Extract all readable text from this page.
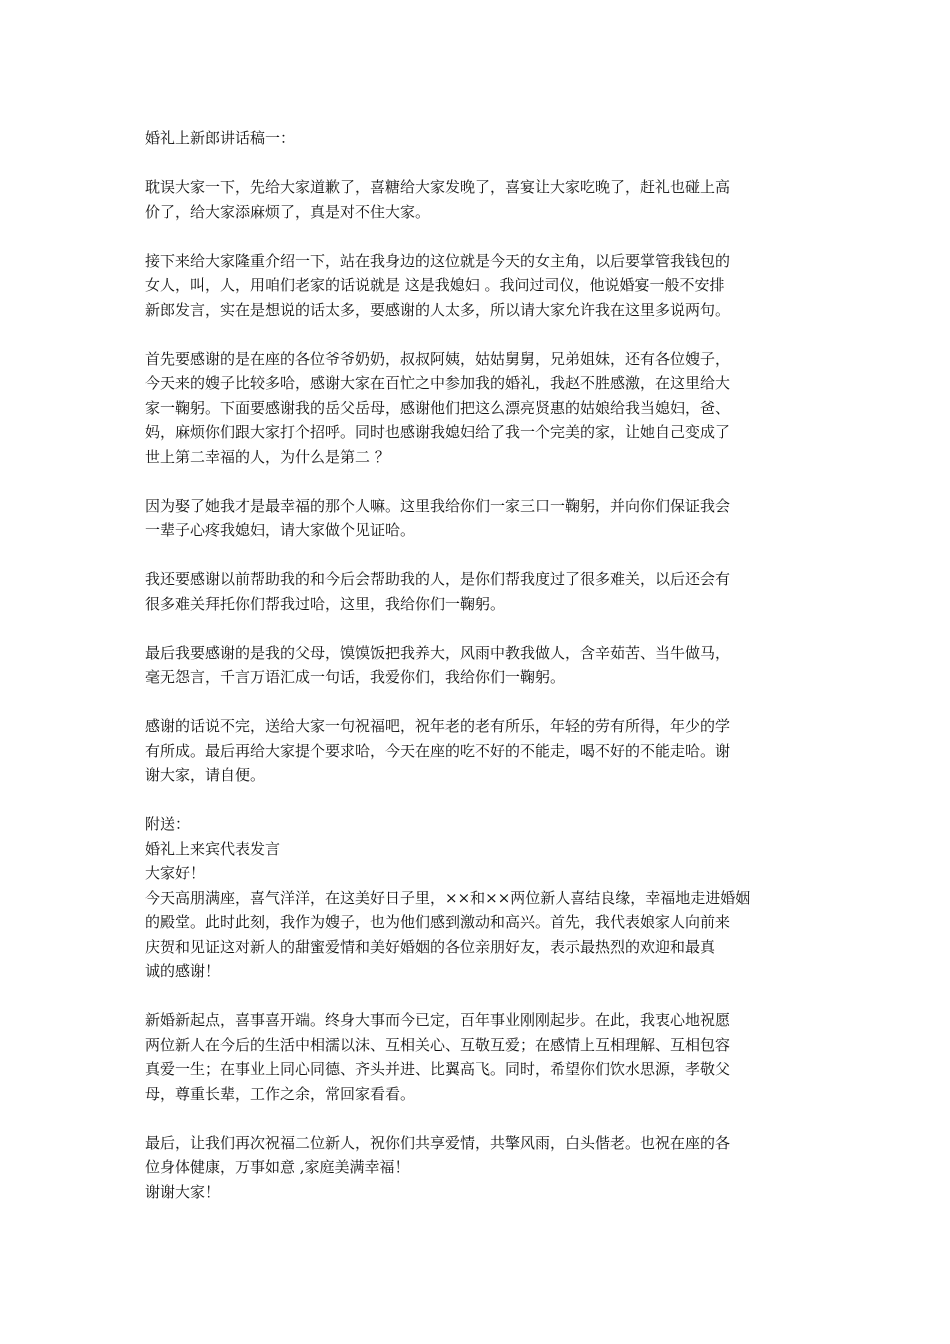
婚礼上新郎讲话稿一：
耽误大家一下，先给大家道歉了，喜糖给大家发晚了，喜宴让大家吃晚了，赶礼也碰上高
价了，给大家添麻烦了，真是对不住大家。
接下来给大家隆重介绍一下，站在我身边的这位就是今天的女主角，以后要掌管我钱包的
女人，叫，人，用咱们老家的话说就是 这是我媳妇 。我问过司仪，他说婚宴一般不安排
新郎发言，实在是想说的话太多，要感谢的人太多，所以请大家允许我在这里多说两句。
首先要感谢的是在座的各位爷爷奶奶，叔叔阿姨，姑姑舅舅，兄弟姐妹，还有各位嫂子，
今天来的嫂子比较多哈，感谢大家在百忙之中参加我的婚礼，我赵不胜感激，在这里给大
家一鞠躬。下面要感谢我的岳父岳母，感谢他们把这么漂亮贤惠的姑娘给我当媳妇，爸、
妈，麻烦你们跟大家打个招呼。同时也感谢我媳妇给了我一个完美的家，让她自己变成了
世上第二幸福的人，为什么是第二 ？
因为娶了她我才是最幸福的那个人嘛。这里我给你们一家三口一鞠躬，并向你们保证我会
一辈子心疼我媳妇，请大家做个见证哈。
我还要感谢以前帮助我的和今后会帮助我的人，是你们帮我度过了很多难关，以后还会有
很多难关拜托你们帮我过哈，这里，我给你们一鞠躬。
最后我要感谢的是我的父母，馍馍饭把我养大，风雨中教我做人，含辛茹苦、当牛做马，
毫无怨言，千言万语汇成一句话，我爱你们，我给你们一鞠躬。
感谢的话说不完，送给大家一句祝福吧，祝年老的老有所乐，年轻的劳有所得，年少的学
有所成。最后再给大家提个要求哈，今天在座的吃不好的不能走，喝不好的不能走哈。谢
谢大家，请自便。
附送：
婚礼上来宾代表发言
大家好！
今天高朋满座，喜气洋洋，在这美好日子里，××和××两位新人喜结良缘，幸福地走进婚姻
的殿堂。此时此刻，我作为嫂子，也为他们感到激动和高兴。首先，我代表娘家人向前来
庆贺和见证这对新人的甜蜜爱情和美好婚姻的各位亲朋好友，表示最热烈的欢迎和最真
诚的感谢！
新婚新起点，喜事喜开端。终身大事而今已定，百年事业刚刚起步。在此，我衷心地祝愿
两位新人在今后的生活中相濡以沫、互相关心、互敬互爱；在感情上互相理解、互相包容
真爱一生；在事业上同心同德、齐头并进、比翼高飞。同时，希望你们饮水思源，孝敬父
母，尊重长辈，工作之余，常回家看看。
最后，让我们再次祝福二位新人，祝你们共享爱情，共擎风雨，白头偕老。也祝在座的各
位身体健康，万事如意 ,家庭美满幸福！
谢谢大家！
